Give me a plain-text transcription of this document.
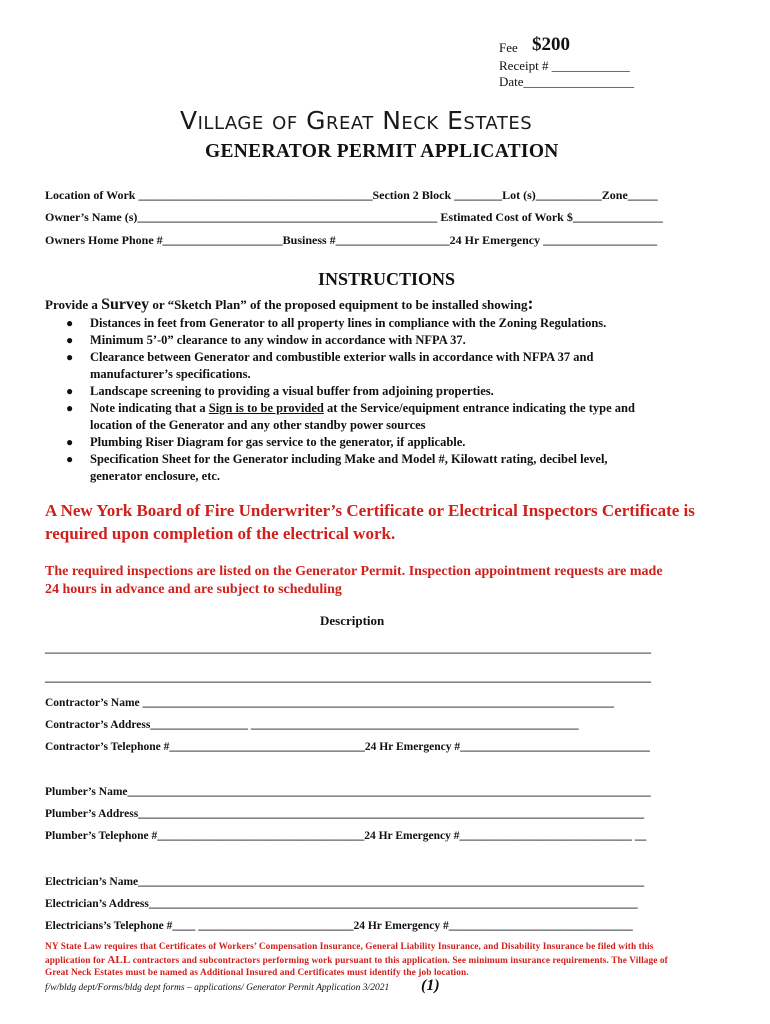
Fee $200
Receipt # ____________
Date_________________
Village of Great Neck Estates
GENERATOR PERMIT APPLICATION
Location of Work _______________________________________Section 2 Block ________Lot (s)___________Zone_____
Owner’s Name (s)__________________________________________________ Estimated Cost of Work $_______________
Owners Home Phone #____________________Business #___________________24 Hr Emergency ___________________
INSTRUCTIONS
Provide a Survey or “Sketch Plan” of the proposed equipment to be installed showing:
● Distances in feet from Generator to all property lines in compliance with the Zoning Regulations.
● Minimum 5’-0” clearance to any window in accordance with NFPA 37.
● Clearance between Generator and combustible exterior walls in accordance with NFPA 37 and
manufacturer’s specifications.
● Landscape screening to providing a visual buffer from adjoining properties.
● Note indicating that a Sign is to be provided at the Service/equipment entrance indicating the type and
location of the Generator and any other standby power sources
● Plumbing Riser Diagram for gas service to the generator, if applicable.
● Specification Sheet for the Generator including Make and Model #, Kilowatt rating, decibel level,
generator enclosure, etc.
A New York Board of Fire Underwriter’s Certificate or Electrical Inspectors Certificate is
required upon completion of the electrical work.
The required inspections are listed on the Generator Permit. Inspection appointment requests are made
24 hours in advance and are subject to scheduling
Description
_____________________________________________________________________________________________________
_____________________________________________________________________________________________________
Contractor’s Name __________________________________________________________________________________
Contractor’s Address_________________ _________________________________________________________
Contractor’s Telephone #__________________________________24 Hr Emergency #_________________________________
Plumber’s Name___________________________________________________________________________________________
Plumber’s Address________________________________________________________________________________________
Plumber’s Telephone #____________________________________24 Hr Emergency #______________________________ __
Electrician’s Name________________________________________________________________________________________
Electrician’s Address_____________________________________________________________________________________
Electricians’s Telephone #____ ___________________________24 Hr Emergency #________________________________
NY State Law requires that Certificates of Workers’ Compensation Insurance, General Liability Insurance, and Disability Insurance be filed with this
application for ALL contractors and subcontractors performing work pursuant to this application. See minimum insurance requirements. The Village of
Great Neck Estates must be named as Additional Insured and Certificates must identify the job location.
f/w/bldg dept/Forms/bldg dept forms – applications/ Generator Permit Application 3/2021 (1)
